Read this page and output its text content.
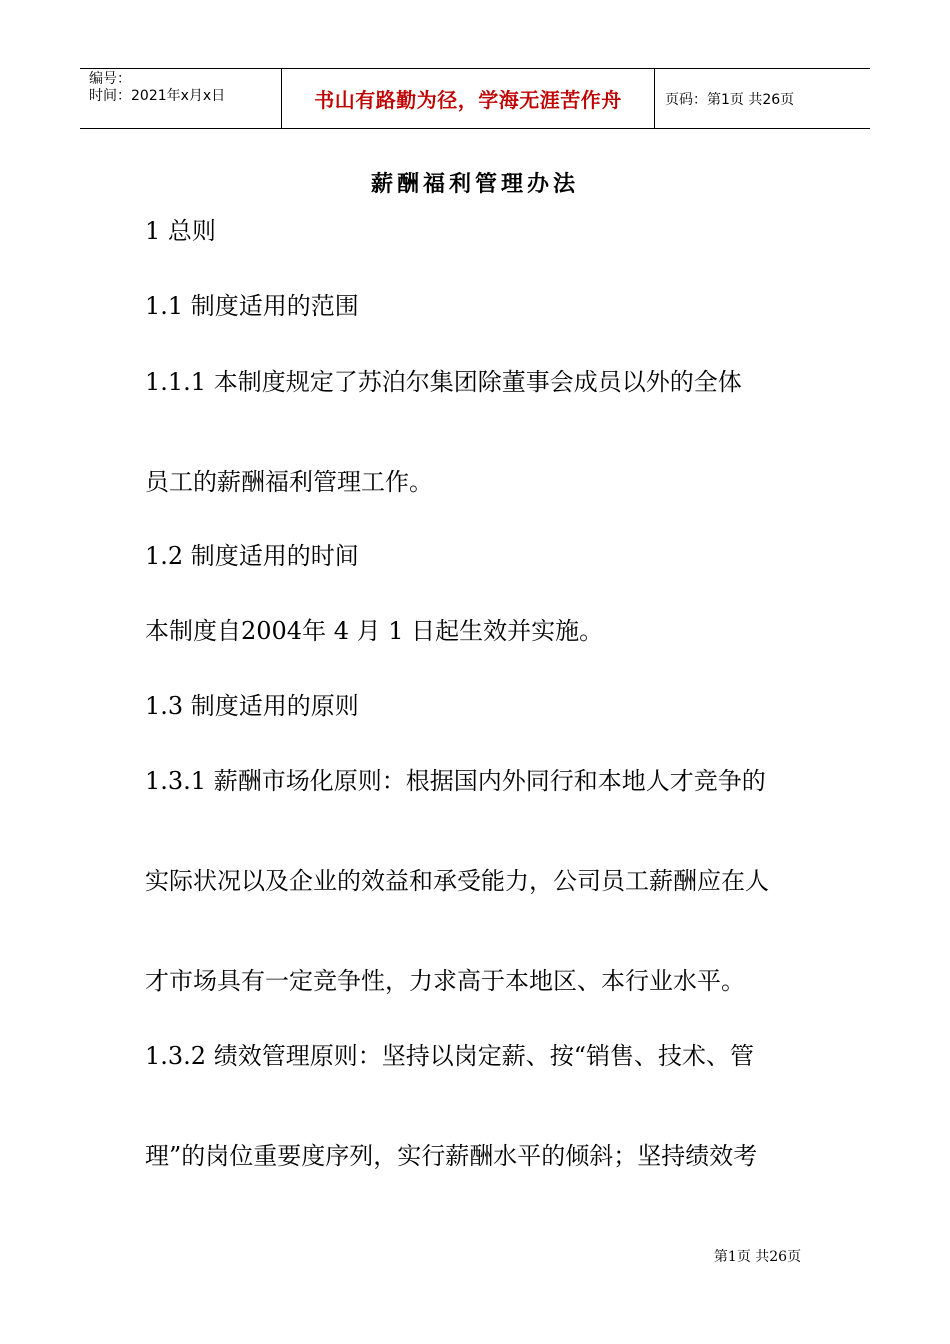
编号：
时间：2021年x月x日	书山有路勤为径，学海无涯苦作舟	页码：第1页 共26页
薪酬福利管理办法
1 总则
1.1 制度适用的范围
1.1.1 本制度规定了苏泊尔集团除董事会成员以外的全体
员工的薪酬福利管理工作。
1.2 制度适用的时间
本制度自2004年 4 月 1 日起生效并实施。
1.3 制度适用的原则
1.3.1 薪酬市场化原则：根据国内外同行和本地人才竞争的
实际状况以及企业的效益和承受能力，公司员工薪酬应在人
才市场具有一定竞争性，力求高于本地区、本行业水平。
1.3.2 绩效管理原则：坚持以岗定薪、按“销售、技术、管
理”的岗位重要度序列，实行薪酬水平的倾斜；坚持绩效考
第1页 共26页
